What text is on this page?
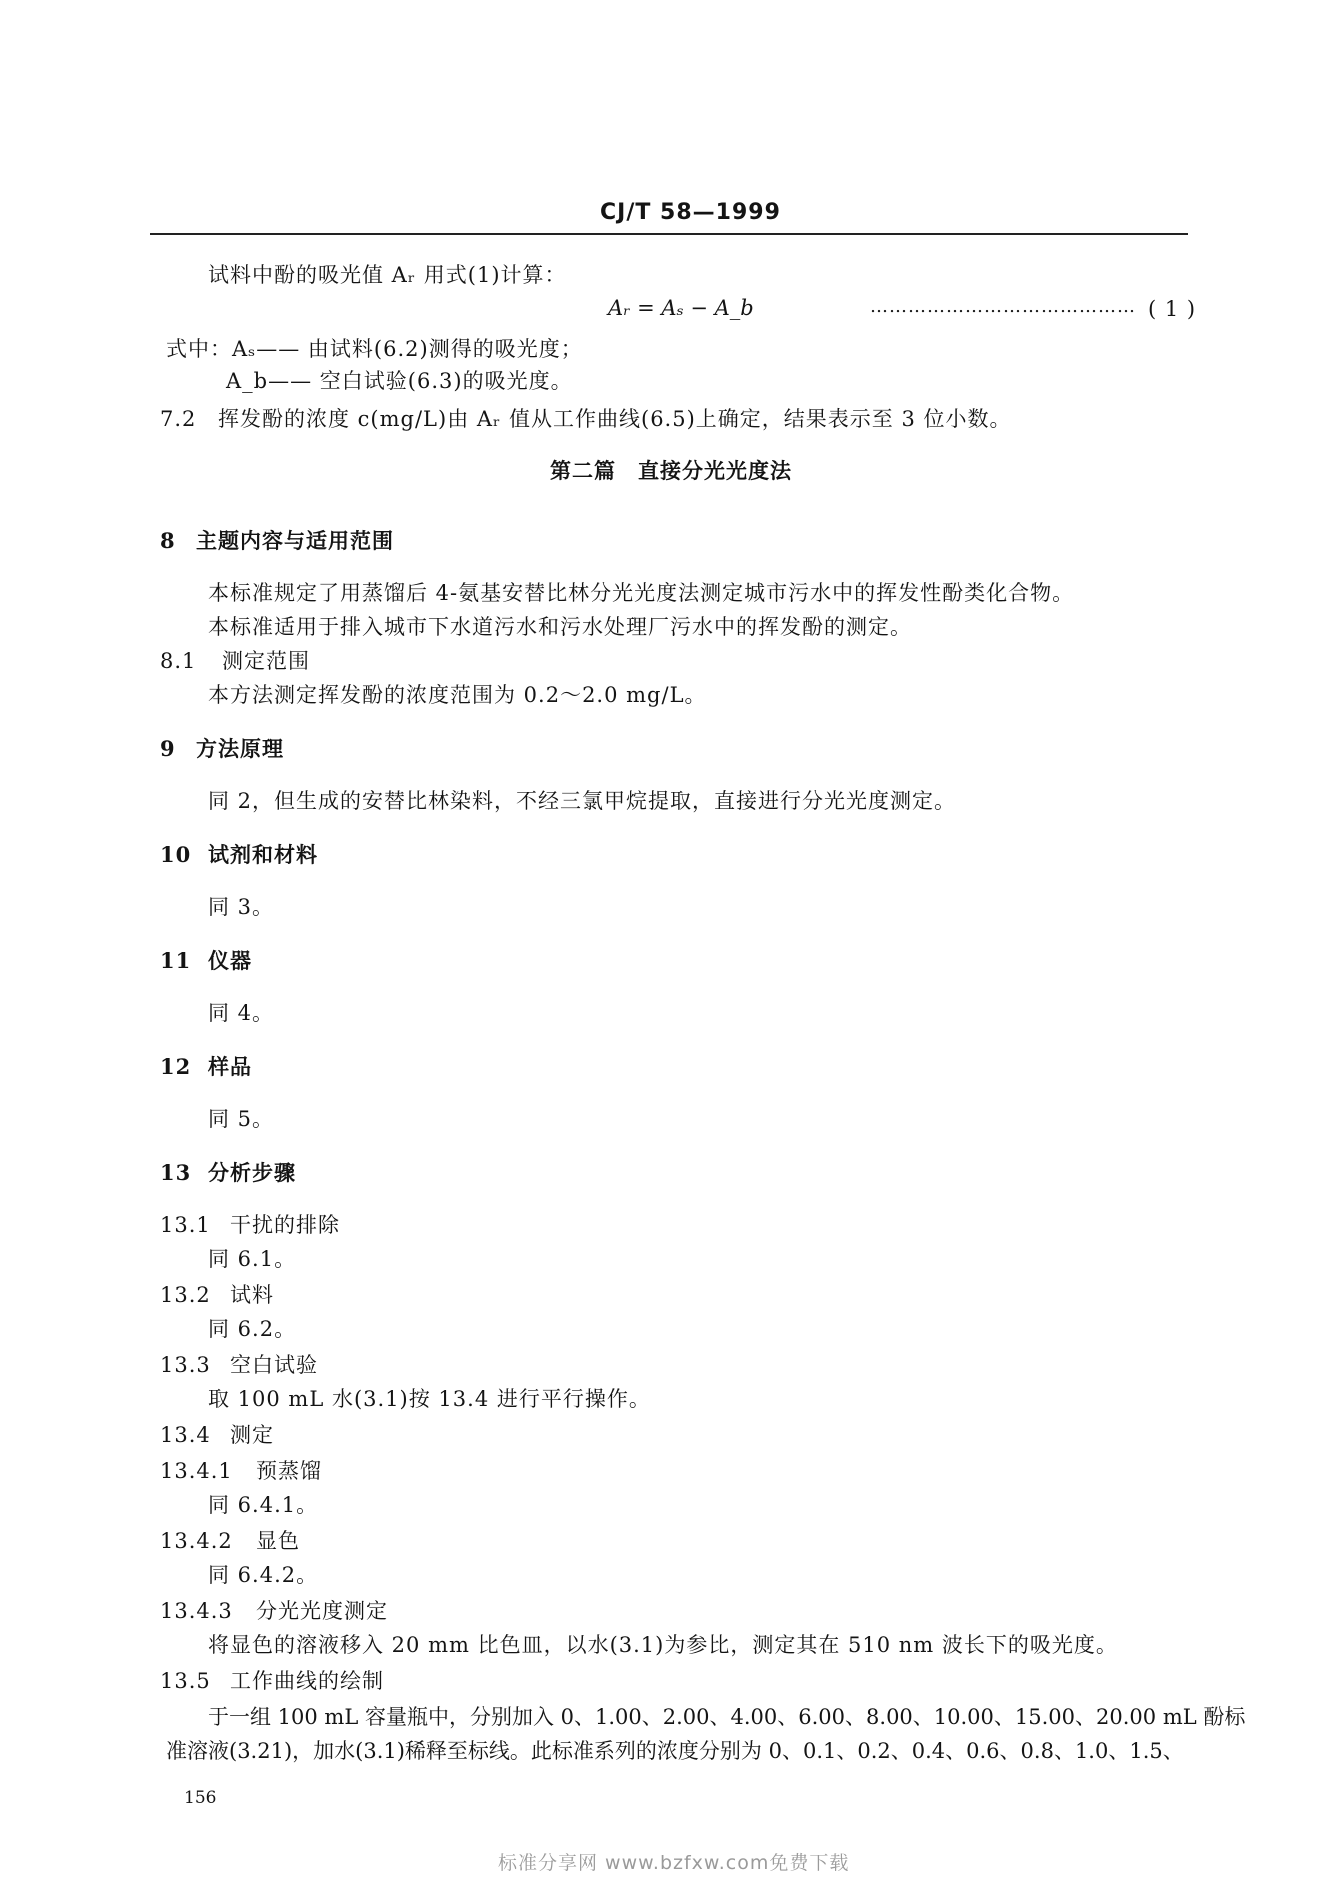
CJ/T 58—1999
试料中酚的吸光值 Aᵣ 用式(1)计算：
Aᵣ = Aₛ − A_b	…………………………………… ( 1 )
式中：Aₛ—— 由试料(6.2)测得的吸光度；
A_b—— 空白试验(6.3)的吸光度。
7.2 挥发酚的浓度 c(mg/L)由 Aᵣ 值从工作曲线(6.5)上确定，结果表示至 3 位小数。
第二篇　直接分光光度法
8 主题内容与适用范围
本标准规定了用蒸馏后 4-氨基安替比林分光光度法测定城市污水中的挥发性酚类化合物。
本标准适用于排入城市下水道污水和污水处理厂污水中的挥发酚的测定。
8.1 测定范围
本方法测定挥发酚的浓度范围为 0.2～2.0 mg/L。
9 方法原理
同 2，但生成的安替比林染料，不经三氯甲烷提取，直接进行分光光度测定。
10 试剂和材料
同 3。
11 仪器
同 4。
12 样品
同 5。
13 分析步骤
13.1 干扰的排除
同 6.1。
13.2 试料
同 6.2。
13.3 空白试验
取 100 mL 水(3.1)按 13.4 进行平行操作。
13.4 测定
13.4.1 预蒸馏
同 6.4.1。
13.4.2 显色
同 6.4.2。
13.4.3 分光光度测定
将显色的溶液移入 20 mm 比色皿，以水(3.1)为参比，测定其在 510 nm 波长下的吸光度。
13.5 工作曲线的绘制
于一组 100 mL 容量瓶中，分别加入 0、1.00、2.00、4.00、6.00、8.00、10.00、15.00、20.00 mL 酚标
准溶液(3.21)，加水(3.1)稀释至标线。此标准系列的浓度分别为 0、0.1、0.2、0.4、0.6、0.8、1.0、1.5、
156
标准分享网 www.bzfxw.com免费下载
